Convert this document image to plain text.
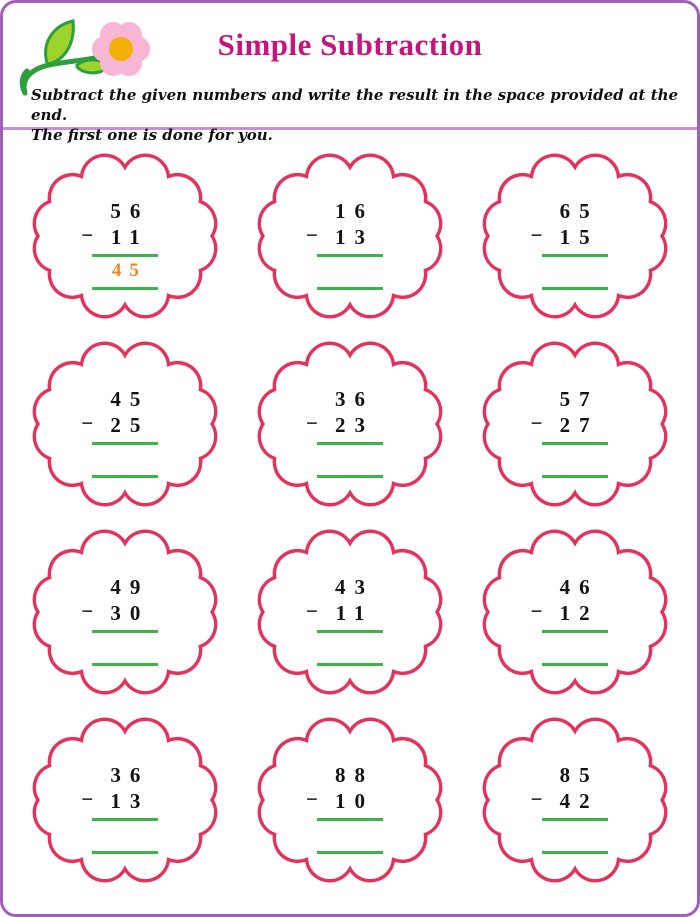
Simple Subtraction
Subtract the given numbers and write the result in the space provided at the end.
The first one is done for you.
56
− 11
45
16
− 13
65
− 15
45
− 25
36
− 23
57
− 27
49
− 30
43
− 11
46
− 12
36
− 13
88
− 10
85
− 42
